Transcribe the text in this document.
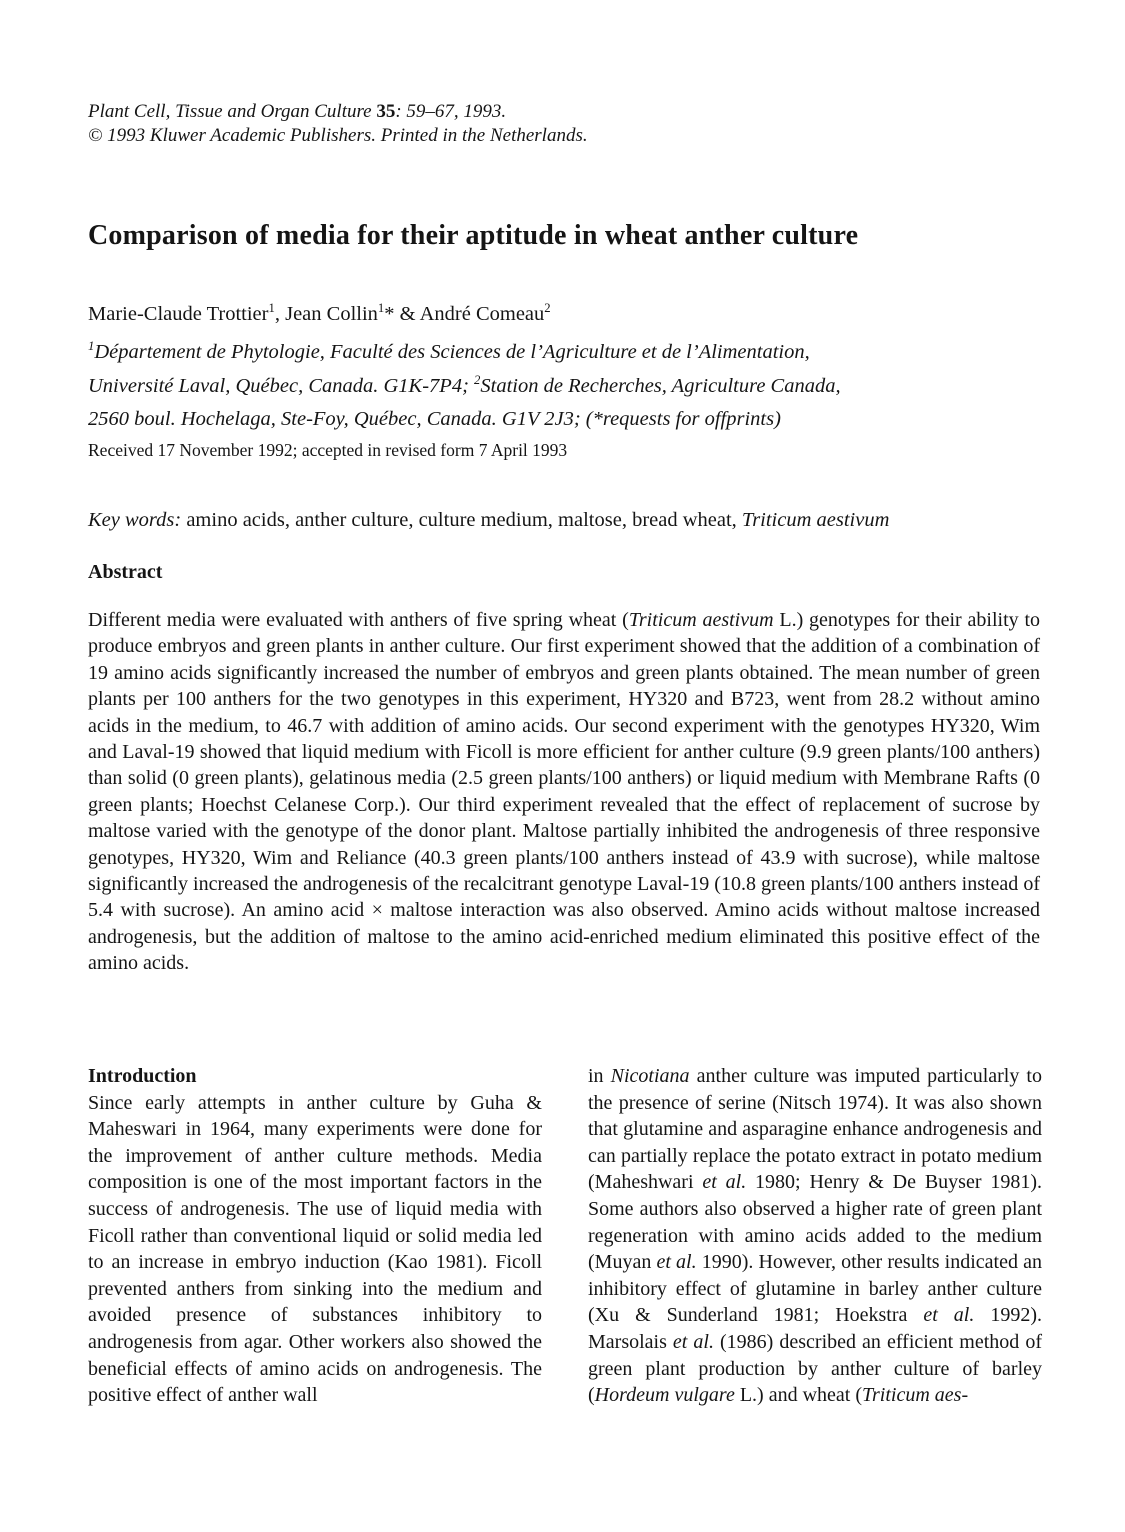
Plant Cell, Tissue and Organ Culture 35: 59–67, 1993.
© 1993 Kluwer Academic Publishers. Printed in the Netherlands.
Comparison of media for their aptitude in wheat anther culture
Marie-Claude Trottier$^1$, Jean Collin$^1$* & André Comeau$^2$
$^1$Département de Phytologie, Faculté des Sciences de l’Agriculture et de l’Alimentation,
Université Laval, Québec, Canada. G1K-7P4; $^2$Station de Recherches, Agriculture Canada,
2560 boul. Hochelaga, Ste-Foy, Québec, Canada. G1V 2J3; (*requests for offprints)
Received 17 November 1992; accepted in revised form 7 April 1993
Key words: amino acids, anther culture, culture medium, maltose, bread wheat, Triticum aestivum
Abstract
Different media were evaluated with anthers of five spring wheat (Triticum aestivum L.) genotypes for their ability to produce embryos and green plants in anther culture. Our first experiment showed that the addition of a combination of 19 amino acids significantly increased the number of embryos and green plants obtained. The mean number of green plants per 100 anthers for the two genotypes in this experiment, HY320 and B723, went from 28.2 without amino acids in the medium, to 46.7 with addition of amino acids. Our second experiment with the genotypes HY320, Wim and Laval-19 showed that liquid medium with Ficoll is more efficient for anther culture (9.9 green plants/100 anthers) than solid (0 green plants), gelatinous media (2.5 green plants/100 anthers) or liquid medium with Membrane Rafts (0 green plants; Hoechst Celanese Corp.). Our third experiment revealed that the effect of replacement of sucrose by maltose varied with the genotype of the donor plant. Maltose partially inhibited the androgenesis of three responsive genotypes, HY320, Wim and Reliance (40.3 green plants/100 anthers instead of 43.9 with sucrose), while maltose significantly increased the androgenesis of the recalcitrant genotype Laval-19 (10.8 green plants/100 anthers instead of 5.4 with sucrose). An amino acid × maltose interaction was also observed. Amino acids without maltose increased androgenesis, but the addition of maltose to the amino acid-enriched medium eliminated this positive effect of the amino acids.

Introduction

Since early attempts in anther culture by Guha & Maheswari in 1964, many experiments were done for the improvement of anther culture methods. Media composition is one of the most important factors in the success of androgenesis. The use of liquid media with Ficoll rather than conventional liquid or solid media led to an increase in embryo induction (Kao 1981). Ficoll prevented anthers from sinking into the medium and avoided presence of substances inhibitory to androgenesis from agar. Other workers also showed the beneficial effects of amino acids on androgenesis. The positive effect of anther wall

in Nicotiana anther culture was imputed particularly to the presence of serine (Nitsch 1974). It was also shown that glutamine and asparagine enhance androgenesis and can partially replace the potato extract in potato medium (Maheshwari et al. 1980; Henry & De Buyser 1981). Some authors also observed a higher rate of green plant regeneration with amino acids added to the medium (Muyan et al. 1990). However, other results indicated an inhibitory effect of glutamine in barley anther culture (Xu & Sunderland 1981; Hoekstra et al. 1992). Marsolais et al. (1986) described an efficient method of green plant production by anther culture of barley (Hordeum vulgare L.) and wheat (Triticum aes-
